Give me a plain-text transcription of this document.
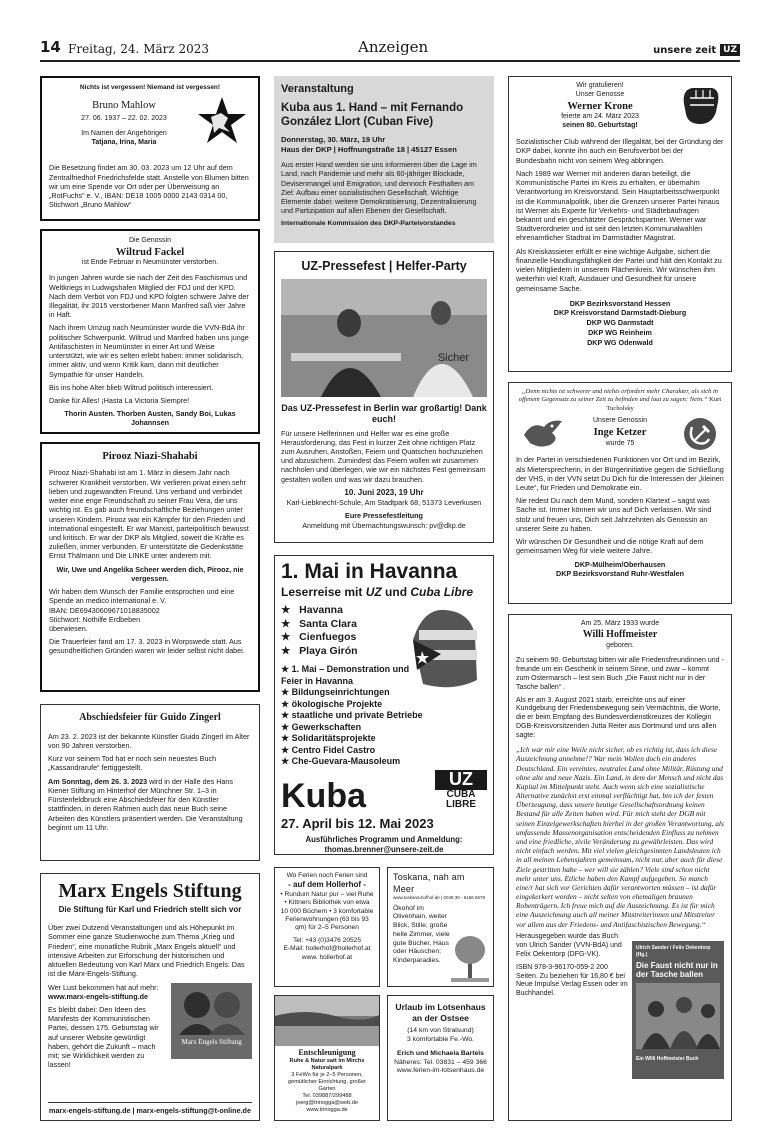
14 Freitag, 24. März 2023	Anzeigen	unsere zeit UZ
Nichts ist vergessen! Niemand ist vergessen!
Bruno Mahlow
27. 06. 1937 – 22. 02. 2023
Im Namen der Angehörigen
Tatjana, Irina, Maria

Die Besetzung findet am 30. 03. 2023 um 12 Uhr auf dem Zentralfriedhof Friedrichsfelde statt. Anstelle von Blumen bitten wir um eine Spende vor Ort oder per Überweisung an „RotFuchs“ e. V., IBAN: DE18 1005 0000 2143 0314 00, Stichwort „Bruno Mahlow“

Die Genossin
Wiltrud Fackel
ist Ende Februar in Neumünster verstorben.

In jungen Jahren wurde sie nach der Zeit des Faschismus und Weltkriegs in Ludwigshafen Mitglied der FDJ und der KPD. Nach dem Verbot von FDJ und KPD folgten schwere Jahre der Illegalität, ihr 2015 verstorbener Mann Manfred saß vier Jahre in Haft.

Nach ihrem Umzug nach Neumünster wurde die VVN-BdA ihr politischer Schwerpunkt. Wiltrud und Manfred haben uns junge Antifaschisten in Neumünster in einer Art und Weise unterstützt, wie wir es selten erlebt haben: immer solidarisch, immer aktiv, und wenn Kritik kam, dann mit deutlicher Sympathie für unser Handeln.

Bis ins hohe Alter blieb Wiltrud politisch interessiert.

Danke für Alles! ¡Hasta La Victoria Siempre!

Thorin Austen. Thorben Austen, Sandy Boi, Lukas Johannsen
Pirooz Niazi-Shahabi

Pirooz Niazi-Shahabi ist am 1. März in diesem Jahr nach schwerer Krankheit verstorben. Wir verlieren privat einen sehr lieben und zugewandten Freund. Uns verband und verbindet weiter eine enge Freundschaft zu seiner Frau Vera, die uns wichtig ist. Es gab auch freundschaftliche Beziehungen unter unseren Kindern. Pirooz war ein Kämpfer für den Frieden und international eingestellt. Er war Marxist, parteipolitisch bewusst und kritisch. Er war der DKP als Mitglied, soweit die Kräfte es zuließen, immer verbunden. Er unterstützte die Gedenkstätte Ernst Thälmann und Die LINKE unter anderem mit.

Wir, Uwe und Angelika Scheer werden dich, Pirooz, nie vergessen.

Wir haben dem Wunsch der Familie entsprochen und eine Spende an medico international e. V.

IBAN: DE69430609671018835002
Stichwort: Nothilfe Erdbeben

überwiesen.

Die Trauerfeier fand am 17. 3. 2023 in Worpswede statt. Aus gesundheitlichen Gründen waren wir leider selbst nicht dabei.

Abschiedsfeier für Guido Zingerl

Am 23. 2. 2023 ist der bekannte Künstler Guido Zingerl im Alter von 90 Jahren verstorben.

Kurz vor seinem Tod hat er noch sein neuestes Buch „Kassandrarufe“ fertiggestellt.

Am Sonntag, dem 26. 3. 2023 wird in der Halle des Hans Kiener Stiftung im Hinterhof der Münchner Str. 1–3 in Fürstenfeldbruck eine Abschiedsfeier für den Künstler stattfinden, in deren Rahmen auch das neue Buch seine Arbeiten des Künstlers präsentiert werden. Die Veranstaltung beginnt um 11 Uhr.

Marx Engels Stiftung
Die Stiftung für Karl und Friedrich stellt sich vor

Über zwei Dutzend Veranstaltungen und als Höhepunkt im Sommer eine ganze Studienwoche zum Thema „Krieg und Frieden“, eine monatliche Rubrik „Marx Engels aktuell“ und intensive Arbeiten zur Erforschung der historischen und aktuellen Bedeutung von Karl Marx und Friedrich Engels: Das ist die Marx-Engels-Stiftung.

Wer Lust bekommen hat auf mehr:

www.marx-engels-stiftung.de

Es bleibt dabei: Den Ideen des Manifests der Kommunistischen Partei, dessen 175. Geburtstag wir auf unserer Website gewürdigt haben, gehört die Zukunft – mach mit; sie Wirklichkeit werden zu lassen!

Marx Engels Stiftung
marx-engels-stiftung.de | marx-engels-stiftung@t-online.de
Veranstaltung
Kuba aus 1. Hand – mit Fernando González Llort (Cuban Five)
Donnerstag, 30. März, 19 Uhr
Haus der DKP | Hoffnungstraße 18 | 45127 Essen

Aus erster Hand werden sie uns informieren über die Lage im Land, nach Pandemie und mehr als 60-jähriger Blockade, Devisenmangel und Emigration, und dennoch Festhalten am Ziel: Aufbau einer sozialistischen Gesellschaft. Wichtige Elemente dabei: weitere Demokratisierung, Dezentralisierung und Partizipation auf allen Ebenen der Gesellschaft.

Internationale Kommission des DKP-Parteivorstandes
UZ-Pressefest | Helfer-Party
Sicher
Das UZ-Pressefest in Berlin war großartig! Dank euch!

Für unsere Helferinnen und Helfer war es eine große Herausforderung, das Fest in kurzer Zeit ohne richtigen Platz zum Ausruhen, Anstoßen, Feiern und Quatschen hochzuziehen und abzusichern. Zumindest das Feiern wollen wir zusammen nachholen und überlegen, wie wir ein nächstes Fest gemeinsam gestalten wollen und was wir dazu brauchen.

10. Juni 2023, 19 Uhr
Karl-Liebknecht-Schule, Am Stadtpark 68, 51373 Leverkusen
Eure Pressefestleitung
Anmeldung mit Übernachtungswunsch: pv@dkp.de
1. Mai in Havanna
Leserreise mit UZ und Cuba Libre
★   Havanna
★   Santa Clara
★   Cienfuegos
★   Playa Girón
★ 1. Mai – Demonstration und Feier in Havanna
★ Bildungseinrichtungen
★ ökologische Projekte
★ staatliche und private Betriebe
★ Gewerkschaften
★ Solidaritätsprojekte
★ Centro Fidel Castro
★ Che-Guevara-Mausoleum
Kuba	UZ
CUBA
LIBRE
27. April bis 12. Mai 2023
Ausführliches Programm und Anmeldung:
thomas.brenner@unsere-zeit.de
Wo Ferien noch Ferien sind
- auf dem Hollerhof -

• Rundum Natur pur – viel Ruhe • Kittners Bibliothek von etwa 10 000 Büchern • 3 komfortable Ferienwohnungen (63 bis 93 qm) für 2–5 Personen

Tel: +43 (0)3476 20525
E-Mail: hollerhof@hollerhof.at
www. hollerhof.at
Toskana, nah am Meer
www.toskana-hofhof.de | 0049 30 - 6166 6578

Ökohof im Olivenhain, weiter Blick, Stille; große helle Zimmer, viele gute Bücher, Haus oder Häuschen; Kinderparadies.

Entschleunigung
Ruhe & Natur satt im Mirchs Naturalpark
3 FeWo für je 2–5 Personen, gemütlicher Einrichtung, großer Garten
Tel. 039887/299488
joerg@trinogga@web.de
www.trinogga.de
Urlaub im Lotsenhaus an der Ostsee
(14 km von Stralsund)
3 komfortable Fe.-Wo.
Erich und Michaela Bartels
Näheres: Tel. 03831 – 459 366
www.ferien-im-lotsenhaus.de
Wir gratulieren!
Unser Genosse
Werner Krone
feierte am 24. März 2023
seinen 80. Geburtstag!

Sozialistischer Club während der Illegalität, bei der Gründung der DKP dabei, konnte ihn auch ein Berufsverbot bei der Bundesbahn nicht von seinem Weg abbringen.

Nach 1989 war Werner mit anderen daran beteiligt, die Kommunistische Partei im Kreis zu erhalten, er übernahm Verantwortung im Kreisvorstand. Sein Hauptarbeitsschwerpunkt ist die Kommunalpolitik, über die Grenzen unserer Partei hinaus ist Werner als Experte für Verkehrs- und Städtebaufragen bekannt und ein geschätzter Gesprächspartner. Werner war Stadtverordneter und ist seit den letzten Kommunalwahlen ehrenamtlicher Stadtrat im Darmstädter Magistrat.

Als Kreiskassierer erfüllt er eine wichtige Aufgabe, sichert die finanzielle Handlungsfähigkeit der Partei und hält den Kontakt zu vielen Mitgliedern in unserem Flächenkreis. Wir wünschen ihm weiterhin viel Kraft, Ausdauer und Gesundheit für unsere gemeinsame Sache.

DKP Bezirksvorstand Hessen
DKP Kreisvorstand Darmstadt-Dieburg
DKP WG Darmstadt
DKP WG Reinheim
DKP WG Odenwald

„Denn nichts ist schwerer und nichts erfordert mehr Charakter, als sich in offenem Gegensatz zu seiner Zeit zu befinden und laut zu sagen: Nein.“ Kurt Tucholsky

Unsere Genossin
Inge Ketzer
wurde 75

In der Partei in verschiedenen Funktionen vor Ort und im Bezirk, als Mietersprecherin, in der Bürgerinitiative gegen die Schließung der VHS, in der VVN setzt Du Dich für die Interessen der „kleinen Leute“, für Frieden und Demokratie ein.

Nie redest Du nach dem Mund, sondern Klartext – sagst was Sache ist. Immer können wir uns auf Dich verlassen. Wir sind stolz und freuen uns, Dich seit Jahrzehnten als Genossin an unserer Seite zu haben.

Wir wünschen Dir Gesundheit und die nötige Kraft auf dem gemeinsamen Weg für viele weitere Jahre.

DKP-Mülheim/Oberhausen
DKP Bezirksvorstand Ruhr-Westfalen
Am 25. März 1933 wurde
Willi Hoffmeister
geboren.

Zu seinem 90. Geburtstag bitten wir alle Friedensfreundinnen und -freunde um ein Geschenk in seinem Sinne, und zwar – kommt zum Ostermarsch – lest sein Buch „Die Faust nicht nur in der Tasche ballen“ .

Als er am 3. August 2021 starb, erreichte uns auf einer Kundgebung der Friedensbewegung sein Vermächtnis, die Worte, die er beim Empfang des Bundesverdienstkreuzes der Kollegin DGB-Kreisvorsitzenden Jutta Reiter aus Dortmund und uns allen sagte:

Ulrich Sander / Felix Oekentorp (Hg.)
Die Faust nicht nur in der Tasche ballen
Ein Willi Hoffmeister Buch

„Ich war mir eine Weile nicht sicher, ob es richtig ist, dass ich diese Auszeichnung annehme!? War mein Wollen doch ein anderes Deutschland. Ein vereintes, neutrales Land ohne Militär, Rüstung und ohne alte und neue Nazis. Ein Land, in dem der Mensch und nicht das Kapital im Mittelpunkt steht. Auch wenn sich eine sozialistische Alternative zunächst erst einmal verflüchtigt hat, bin ich der festen Überzeugung, dass unsere heutige Gesellschaftsordnung keinen Bestand für alle Zeiten haben wird. Für mich steht der DGB mit seinen Einzelgewerkschaften hierbei in der großen Verantwortung, als umfassende Massenorganisation entscheidenden Einfluss zu nehmen und eine friedliche, zivile Veränderung zu gewährleisten. Das wird nicht einfach werden. Mit viel vielen gleichgesinnten Landsleuten ich in all meinen Lebensjahren gemeinsam, nicht nur, aber auch für diese Ziele gestritten habe – wer will sie zählen? Viele sind schon nicht mehr unter uns. Etliche haben den Kampf aufgegeben. So manch eine/r hat sich vor Gerichten dafür verantworten müssen – ist dafür eingekerkert worden – nicht selten von ehemaligen braunen Robenträgern. Ich freue mich auf die Auszeichnung. Es ist für mich eine Auszeichnung auch all meiner Mitstreiterinnen und Mitstreiter vor allem aus der Friedens- und Antifaschistischen Bewegung.“

Herausgegeben wurde das Buch von Ulrich Sander (VVN-BdA) und Felix Oekentorp (DFG-VK).

ISBN 978-3-96170-059-2 200 Seiten. Zu beziehen für 16,80 € bei Neue Impulse Verlag Essen oder im Buchhandel.
